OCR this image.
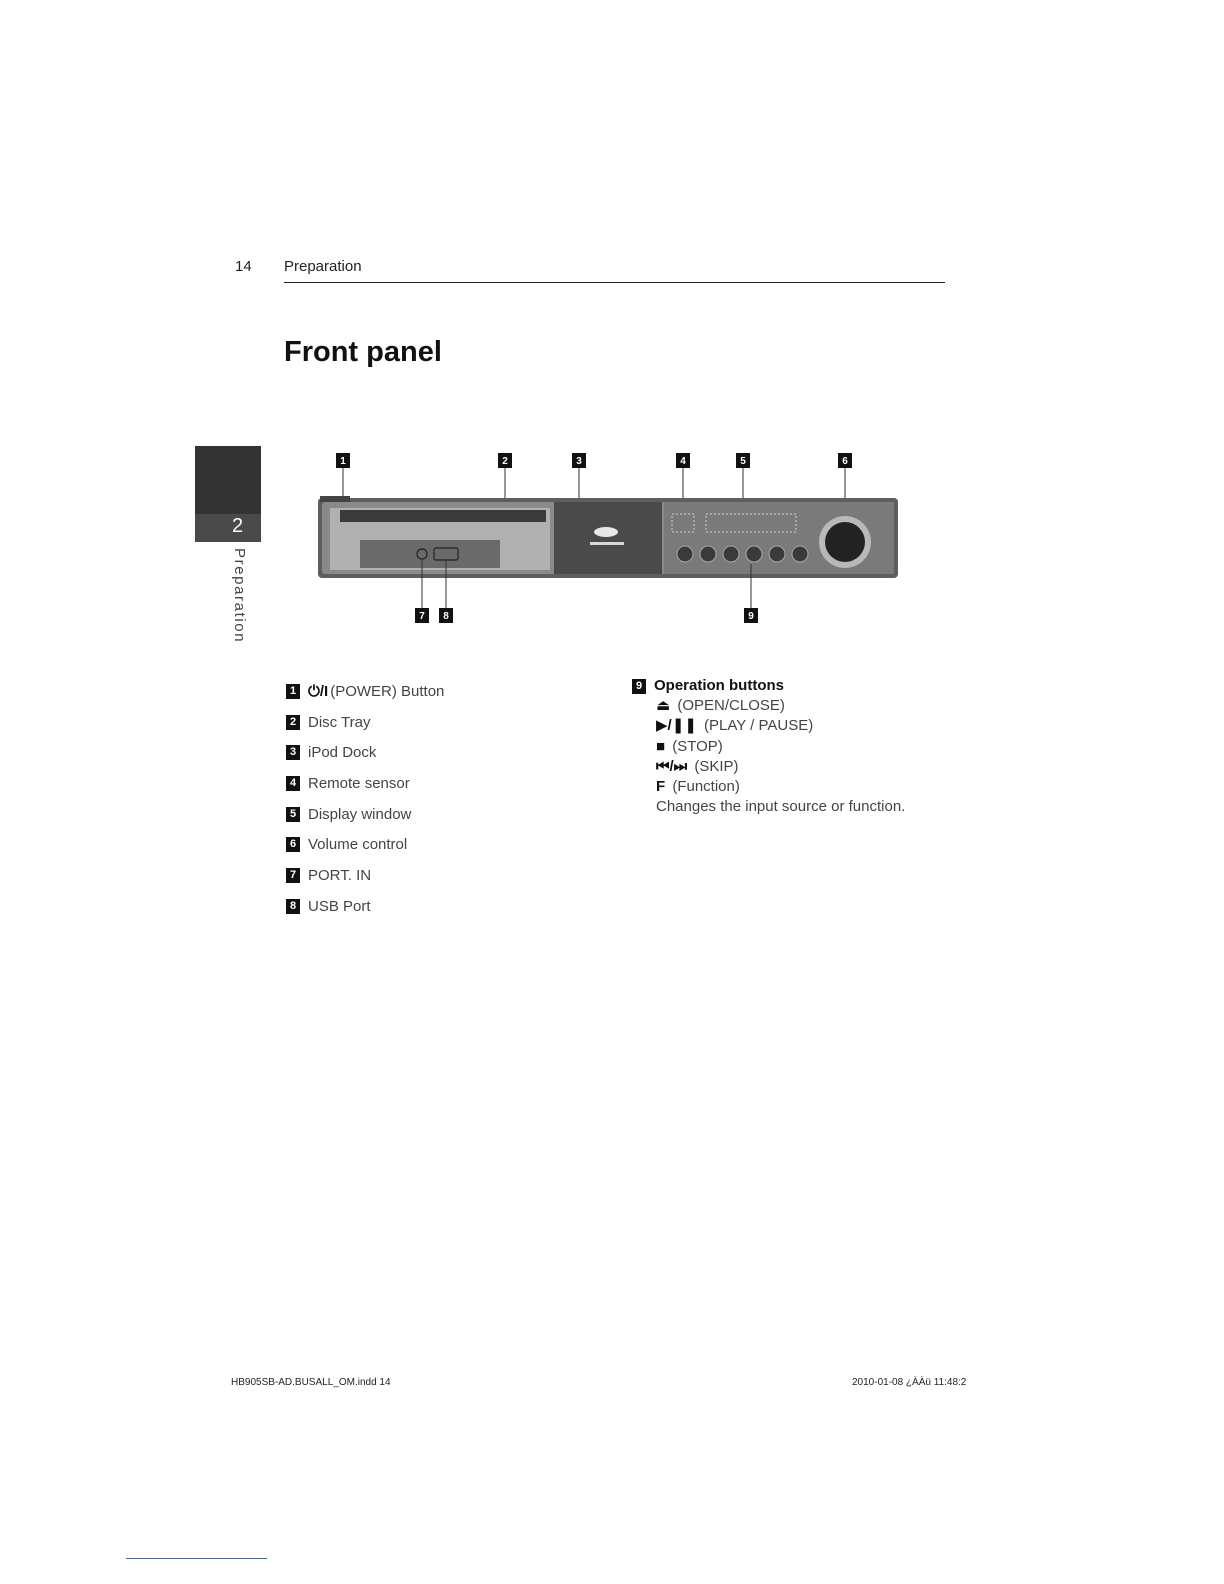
14 Preparation
Front panel
2
Preparation
1	2	3	4	5	6
7 8	9
1 ⏻/I (POWER) Button
2 Disc Tray
3 iPod Dock
4 Remote sensor
5 Display window
6 Volume control
7 PORT. IN
8 USB Port
9 Operation buttons
⏏ (OPEN/CLOSE)
▶/❚❚ (PLAY / PAUSE)
■ (STOP)
⏮/⏭ (SKIP)
F (Function)
Changes the input source or function.
HB905SB-AD.BUSALL_OM.indd 14	2010-01-08 ¿ÀÀü 11:48:2
